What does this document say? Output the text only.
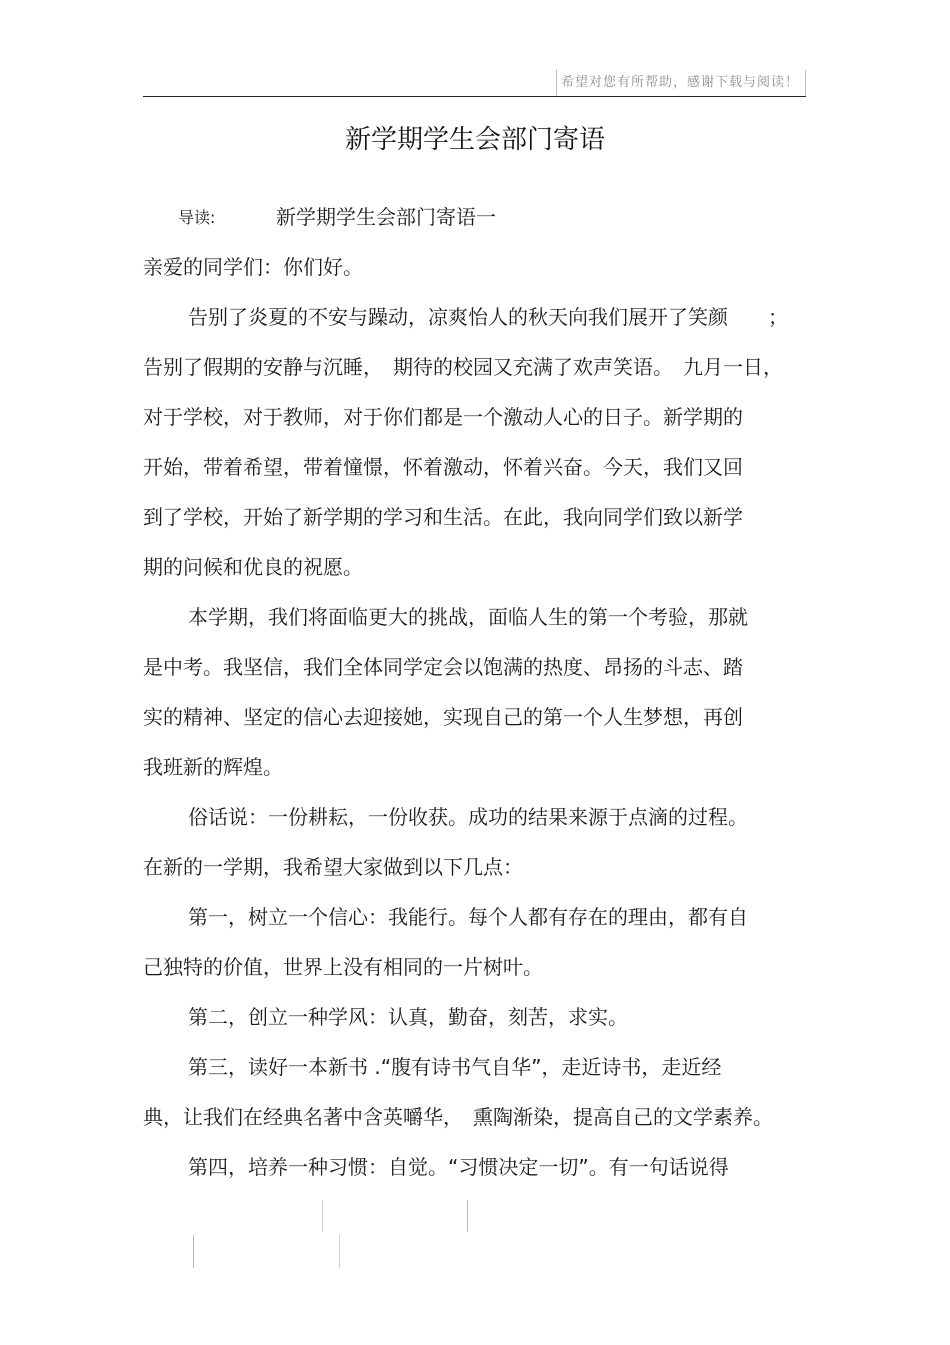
希望对您有所帮助，感谢下载与阅读！
新学期学生会部门寄语
导读:	新学期学生会部门寄语一
亲爱的同学们：你们好。
告别了炎夏的不安与躁动，凉爽怡人的秋天向我们展开了笑颜　　；
告别了假期的安静与沉睡，　期待的校园又充满了欢声笑语。　九月一日，
对于学校，对于教师，对于你们都是一个激动人心的日子。新学期的
开始，带着希望，带着憧憬，怀着激动，怀着兴奋。今天，我们又回
到了学校，开始了新学期的学习和生活。在此，我向同学们致以新学
期的问候和优良的祝愿。
本学期，我们将面临更大的挑战，面临人生的第一个考验，那就
是中考。我坚信，我们全体同学定会以饱满的热度、昂扬的斗志、踏
实的精神、坚定的信心去迎接她，实现自己的第一个人生梦想，再创
我班新的辉煌。
俗话说：一份耕耘，一份收获。成功的结果来源于点滴的过程。
在新的一学期，我希望大家做到以下几点：
第一，树立一个信心：我能行。每个人都有存在的理由，都有自
己独特的价值，世界上没有相同的一片树叶。
第二，创立一种学风：认真，勤奋，刻苦，求实。
第三，读好一本新书 .“腹有诗书气自华”，走近诗书，走近经
典，让我们在经典名著中含英嚼华，　熏陶渐染，提高自己的文学素养。
第四，培养一种习惯：自觉。“习惯决定一切”。有一句话说得
